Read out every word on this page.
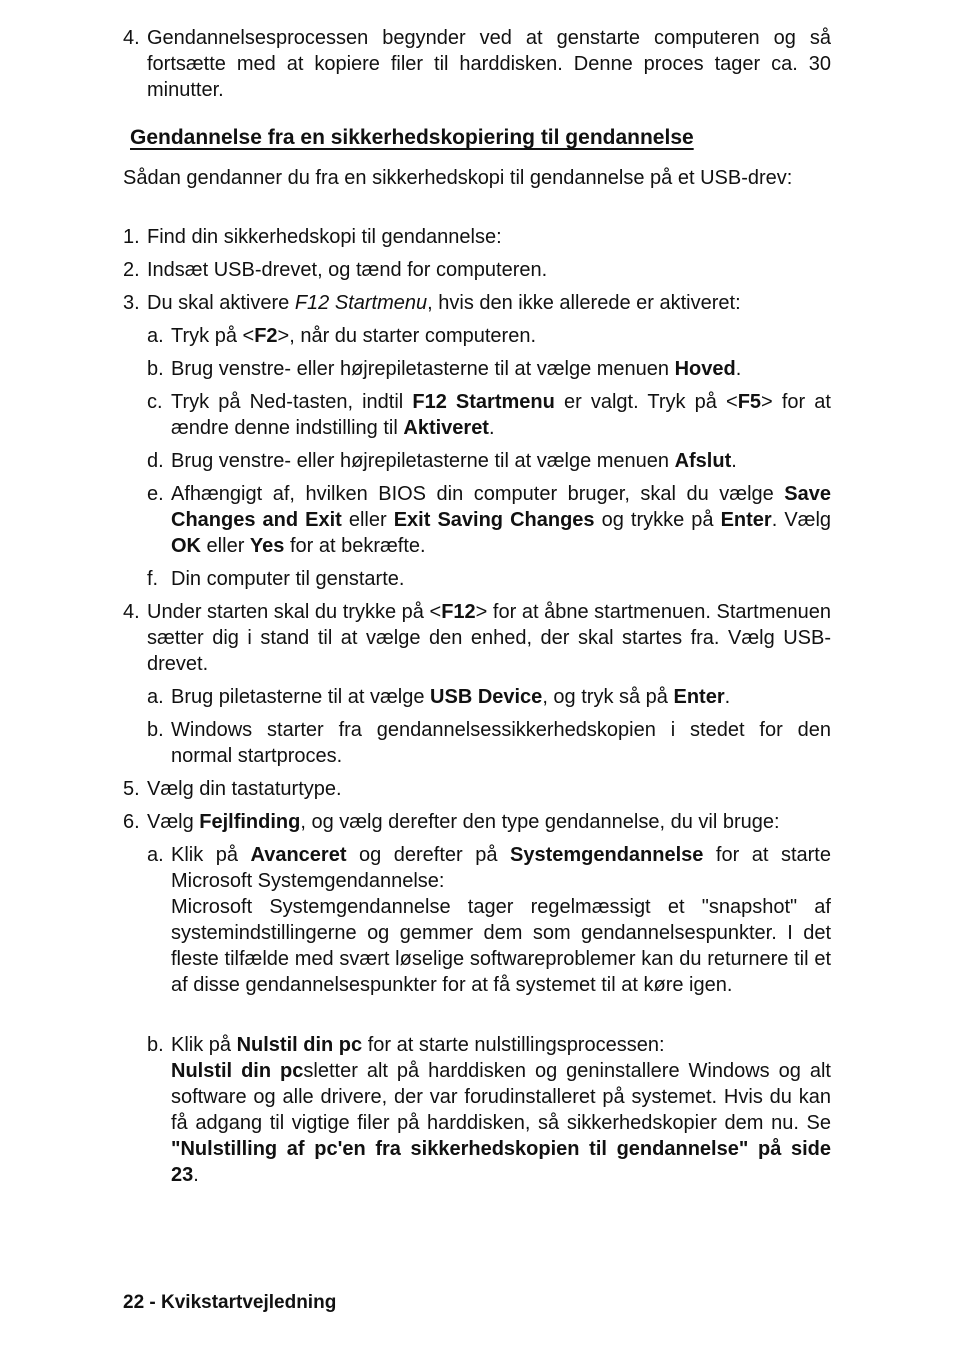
4. Gendannelsesprocessen begynder ved at genstarte computeren og så fortsætte med at kopiere filer til harddisken. Denne proces tager ca. 30 minutter.
Gendannelse fra en sikkerhedskopiering til gendannelse
Sådan gendanner du fra en sikkerhedskopi til gendannelse på et USB-drev:
1. Find din sikkerhedskopi til gendannelse:
2. Indsæt USB-drevet, og tænd for computeren.
3. Du skal aktivere F12 Startmenu, hvis den ikke allerede er aktiveret:
a. Tryk på <F2>, når du starter computeren.
b. Brug venstre- eller højrepiletasterne til at vælge menuen Hoved.
c. Tryk på Ned-tasten, indtil F12 Startmenu er valgt. Tryk på <F5> for at ændre denne indstilling til Aktiveret.
d. Brug venstre- eller højrepiletasterne til at vælge menuen Afslut.
e. Afhængigt af, hvilken BIOS din computer bruger, skal du vælge Save Changes and Exit eller Exit Saving Changes og trykke på Enter. Vælg OK eller Yes for at bekræfte.
f. Din computer til genstarte.
4. Under starten skal du trykke på <F12> for at åbne startmenuen. Startmenuen sætter dig i stand til at vælge den enhed, der skal startes fra. Vælg USB-drevet.
a. Brug piletasterne til at vælge USB Device, og tryk så på Enter.
b. Windows starter fra gendannelsessikkerhedskopien i stedet for den normal startproces.
5. Vælg din tastaturtype.
6. Vælg Fejlfinding, og vælg derefter den type gendannelse, du vil bruge:
a. Klik på Avanceret og derefter på Systemgendannelse for at starte Microsoft Systemgendannelse:
Microsoft Systemgendannelse tager regelmæssigt et "snapshot" af systemindstillingerne og gemmer dem som gendannelsespunkter. I det fleste tilfælde med svært løselige softwareproblemer kan du returnere til et af disse gendannelsespunkter for at få systemet til at køre igen.
b. Klik på Nulstil din pc for at starte nulstillingsprocessen:
Nulstil din pcsletter alt på harddisken og geninstallere Windows og alt software og alle drivere, der var forudinstalleret på systemet. Hvis du kan få adgang til vigtige filer på harddisken, så sikkerhedskopier dem nu. Se "Nulstilling af pc'en fra sikkerhedskopien til gendannelse" på side 23.
22 - Kvikstartvejledning
